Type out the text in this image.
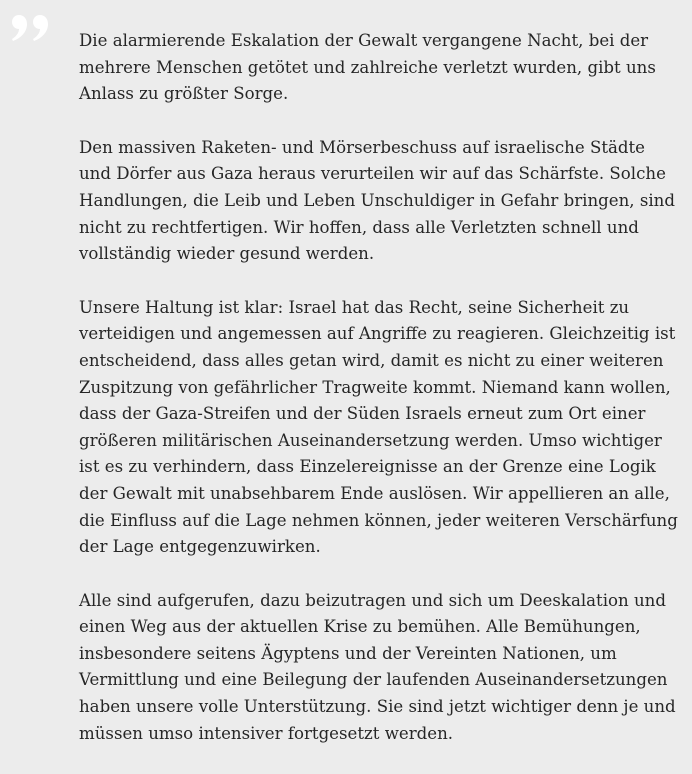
Die alarmierende Eskalation der Gewalt vergangene Nacht, bei der mehrere Menschen getötet und zahlreiche verletzt wurden, gibt uns Anlass zu größter Sorge.

Den massiven Raketen- und Mörserbeschuss auf israelische Städte und Dörfer aus Gaza heraus verurteilen wir auf das Schärfste. Solche Handlungen, die Leib und Leben Unschuldiger in Gefahr bringen, sind nicht zu rechtfertigen. Wir hoffen, dass alle Verletzten schnell und vollständig wieder gesund werden.

Unsere Haltung ist klar: Israel hat das Recht, seine Sicherheit zu verteidigen und angemessen auf Angriffe zu reagieren. Gleichzeitig ist entscheidend, dass alles getan wird, damit es nicht zu einer weiteren Zuspitzung von gefährlicher Tragweite kommt. Niemand kann wollen, dass der Gaza-Streifen und der Süden Israels erneut zum Ort einer größeren militärischen Auseinandersetzung werden. Umso wichtiger ist es zu verhindern, dass Einzelereignisse an der Grenze eine Logik der Gewalt mit unabsehbarem Ende auslösen. Wir appellieren an alle, die Einfluss auf die Lage nehmen können, jeder weiteren Verschärfung der Lage entgegenzuwirken.

Alle sind aufgerufen, dazu beizutragen und sich um Deeskalation und einen Weg aus der aktuellen Krise zu bemühen. Alle Bemühungen, insbesondere seitens Ägyptens und der Vereinten Nationen, um Vermittlung und eine Beilegung der laufenden Auseinandersetzungen haben unsere volle Unterstützung. Sie sind jetzt wichtiger denn je und müssen umso intensiver fortgesetzt werden.
